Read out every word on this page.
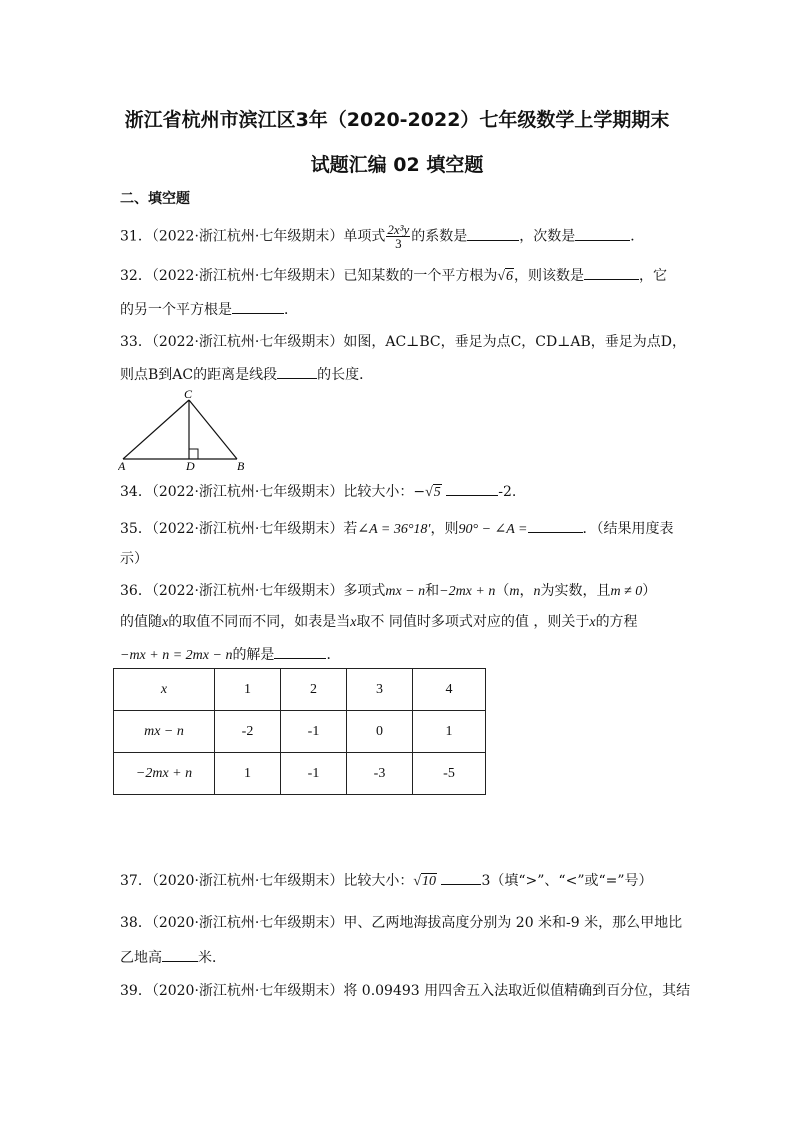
浙江省杭州市滨江区3年（2020-2022）七年级数学上学期期末
试题汇编 02 填空题
二、填空题
31．（2022·浙江杭州·七年级期末）单项式 $\frac{\text{2x³y}}{3}$ 的系数是	，次数是	．
32．（2022·浙江杭州·七年级期末）已知某数的一个平方根为√6，则该数是	，它
的另一个平方根是	．
33．（2022·浙江杭州·七年级期末）如图，AC⊥BC，垂足为点C，CD⊥AB，垂足为点D，
则点B到AC的距离是线段	的长度．
C
A	D	B
34．（2022·浙江杭州·七年级期末）比较大小：−√5	-2.
35．（2022·浙江杭州·七年级期末）若∠A = 36°18′，则90° − ∠A =	．（结果用度表
示）
36．（2022·浙江杭州·七年级期末）多项式mx − n和−2mx + n（m，n为实数，且m ≠ 0）
的值随x的取值不同而不同，如表是当x取不 同值时多项式对应的值 ，则关于x的方程
−mx + n = 2mx − n的解是	．
x	1	2	3	4
mx − n	-2	-1	0	1
−2mx + n	1	-1	-3	-5
37．（2020·浙江杭州·七年级期末）比较大小：√10	3（填“>”、“<”或“=”号）
38．（2020·浙江杭州·七年级期末）甲、乙两地海拔高度分别为 20 米和-9 米，那么甲地比
乙地高	米．
39．（2020·浙江杭州·七年级期末）将 0.09493 用四舍五入法取近似值精确到百分位，其结
